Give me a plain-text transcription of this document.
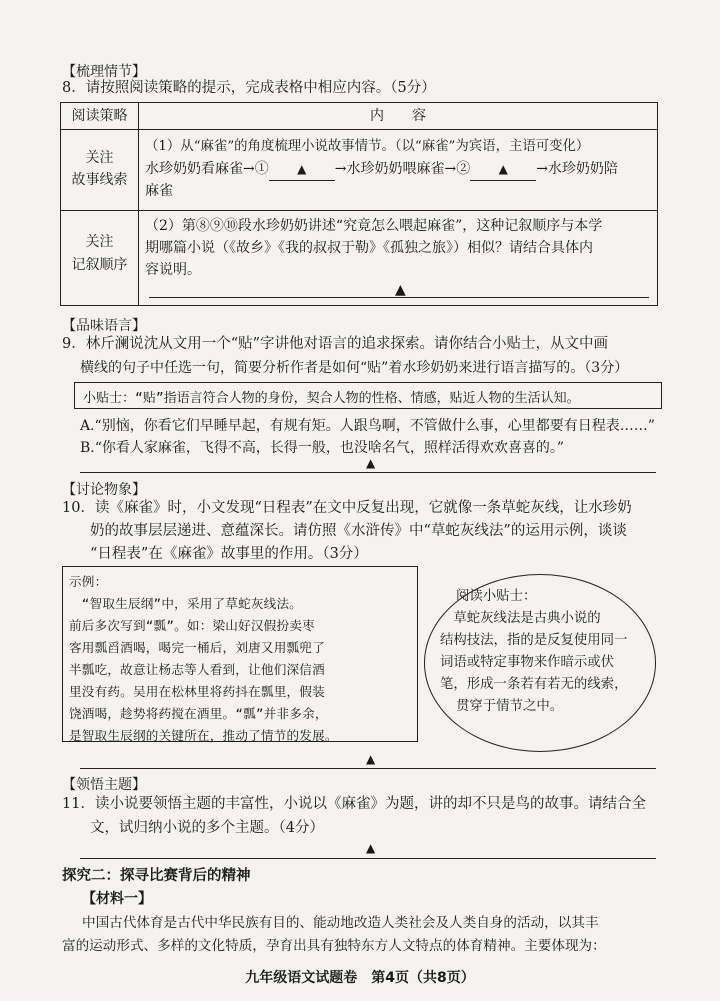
【梳理情节】
8．请按照阅读策略的提示，完成表格中相应内容。（5分）
阅读策略	内　　容
关注
故事线索
（1）从“麻雀”的角度梳理小说故事情节。（以“麻雀”为宾语，主语可变化）
水珍奶奶看麻雀→① ▲ →水珍奶奶喂麻雀→② ▲ →水珍奶奶陪
麻雀
关注
记叙顺序
（2）第⑧⑨⑩段水珍奶奶讲述“究竟怎么喂起麻雀”，这种记叙顺序与本学
期哪篇小说（《故乡》《我的叔叔于勒》《孤独之旅》）相似？请结合具体内
容说明。
▲
【品味语言】
9．林斤澜说沈从文用一个“贴”字讲他对语言的追求探索。请你结合小贴士，从文中画
横线的句子中任选一句，简要分析作者是如何“贴”着水珍奶奶来进行语言描写的。（3分）
小贴士：“贴”指语言符合人物的身份，契合人物的性格、情感，贴近人物的生活认知。
A.“别恼，你看它们早睡早起，有规有矩。人跟鸟啊，不管做什么事，心里都要有日程表……”
B.“你看人家麻雀，飞得不高，长得一般，也没啥名气，照样活得欢欢喜喜的。”
▲
【讨论物象】
10．读《麻雀》时，小文发现“日程表”在文中反复出现，它就像一条草蛇灰线，让水珍奶
奶的故事层层递进、意蕴深长。请仿照《水浒传》中“草蛇灰线法”的运用示例，谈谈
“日程表”在《麻雀》故事里的作用。（3分）
示例：
　“智取生辰纲”中，采用了草蛇灰线法。
前后多次写到“瓢”。如：梁山好汉假扮卖枣
客用瓢舀酒喝，喝完一桶后，刘唐又用瓢兜了
半瓢吃，故意让杨志等人看到，让他们深信酒
里没有药。吴用在松林里将药抖在瓢里，假装
饶酒喝，趁势将药搅在酒里。“瓢”并非多余，
是智取生辰纲的关键所在，推动了情节的发展。
阅读小贴士：
　草蛇灰线法是古典小说的
结构技法，指的是反复使用同一
词语或特定事物来作暗示或伏
笔，形成一条若有若无的线索，
贯穿于情节之中。
▲
【领悟主题】
11．读小说要领悟主题的丰富性，小说以《麻雀》为题，讲的却不只是鸟的故事。请结合全
文，试归纳小说的多个主题。（4分）
▲
探究二：探寻比赛背后的精神
【材料一】
中国古代体育是古代中华民族有目的、能动地改造人类社会及人类自身的活动，以其丰
富的运动形式、多样的文化特质，孕育出具有独特东方人文特点的体育精神。主要体现为：
九年级语文试题卷　第4页（共8页）
